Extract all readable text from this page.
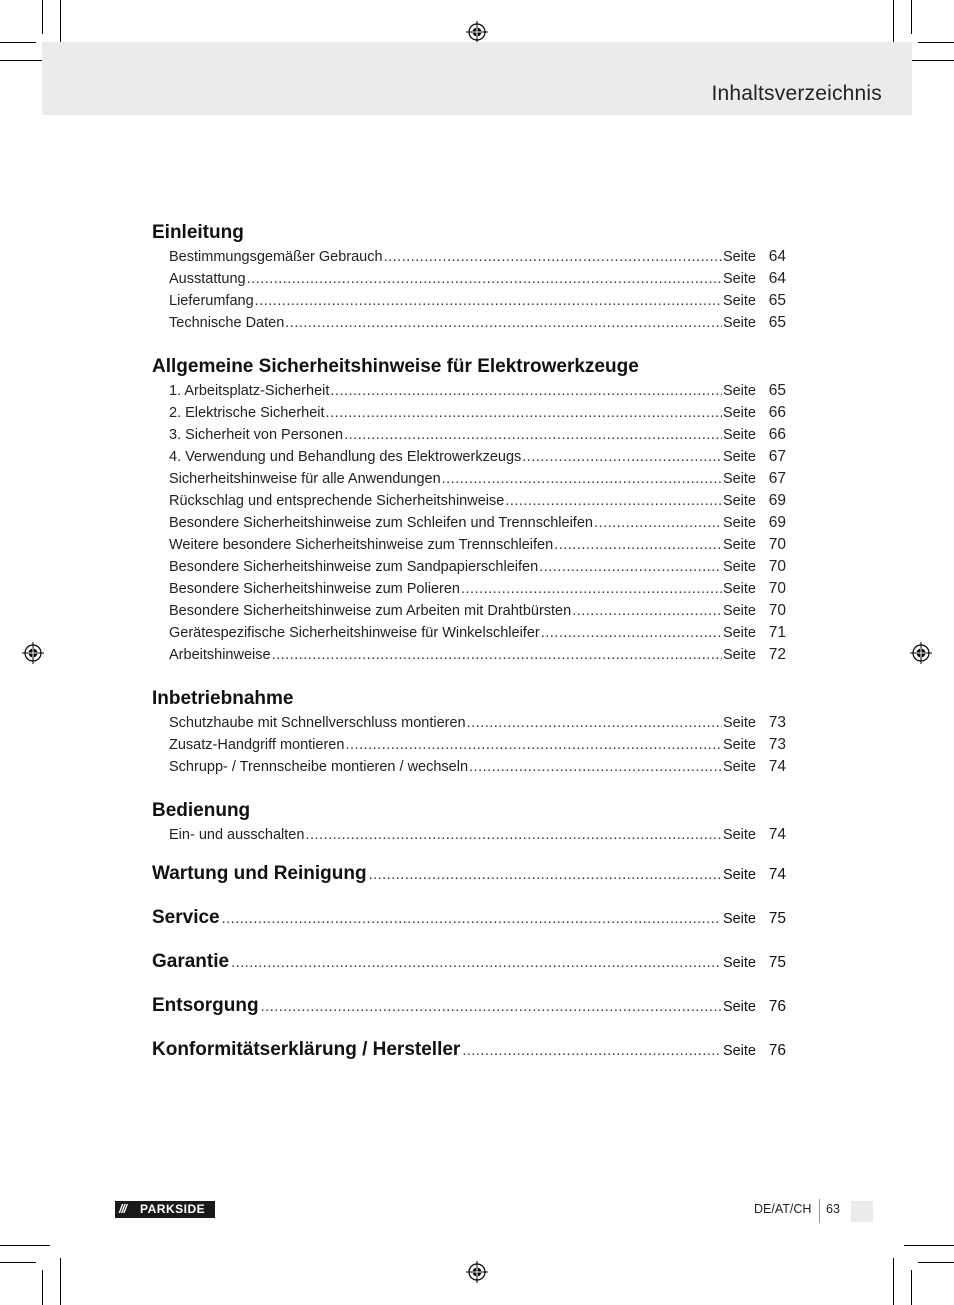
Inhaltsverzeichnis
Einleitung
Bestimmungsgemäßer Gebrauch .....	Seite 64
Ausstattung .....	Seite 64
Lieferumfang .....	Seite 65
Technische Daten .....	Seite 65
Allgemeine Sicherheitshinweise für Elektrowerkzeuge
1. Arbeitsplatz-Sicherheit .....	Seite 65
2. Elektrische Sicherheit .....	Seite 66
3. Sicherheit von Personen .....	Seite 66
4. Verwendung und Behandlung des Elektrowerkzeugs .....	Seite 67
Sicherheitshinweise für alle Anwendungen .....	Seite 67
Rückschlag und entsprechende Sicherheitshinweise .....	Seite 69
Besondere Sicherheitshinweise zum Schleifen und Trennschleifen .....	Seite 69
Weitere besondere Sicherheitshinweise zum Trennschleifen .....	Seite 70
Besondere Sicherheitshinweise zum Sandpapierschleifen .....	Seite 70
Besondere Sicherheitshinweise zum Polieren .....	Seite 70
Besondere Sicherheitshinweise zum Arbeiten mit Drahtbürsten .....	Seite 70
Gerätespezifische Sicherheitshinweise für Winkelschleifer .....	Seite 71
Arbeitshinweise .....	Seite 72
Inbetriebnahme
Schutzhaube mit Schnellverschluss montieren .....	Seite 73
Zusatz-Handgriff montieren .....	Seite 73
Schrupp- / Trennscheibe montieren / wechseln .....	Seite 74
Bedienung
Ein- und ausschalten .....	Seite 74
Wartung und Reinigung .....	Seite 74
Service .....	Seite 75
Garantie .....	Seite 75
Entsorgung .....	Seite 76
Konformitätserklärung / Hersteller .....	Seite 76
/// PARKSIDE	DE/AT/CH 63
